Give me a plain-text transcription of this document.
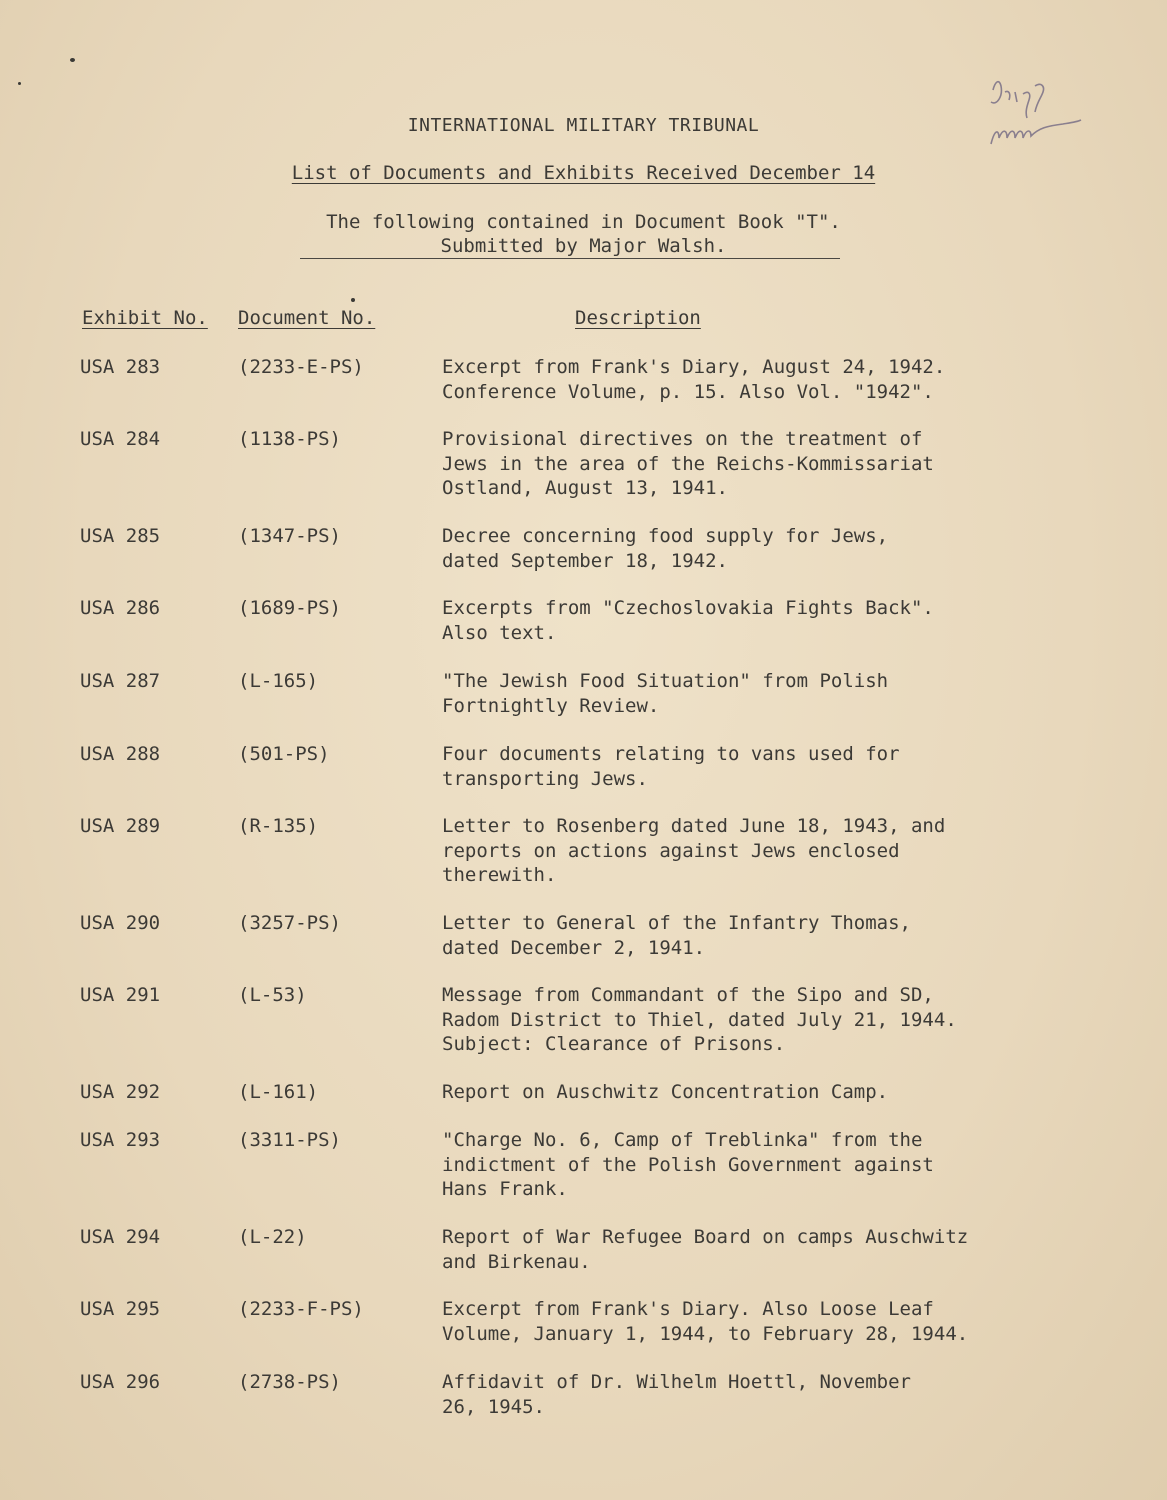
INTERNATIONAL MILITARY TRIBUNAL
List of Documents and Exhibits Received December 14
The following contained in Document Book "T".
Submitted by Major Walsh.
Exhibit No. Document No.	Description
USA 283	(2233-E-PS)	Excerpt from Frank's Diary, August 24, 1942.
Conference Volume, p. 15. Also Vol. "1942".
USA 284	(1138-PS)	Provisional directives on the treatment of
Jews in the area of the Reichs-Kommissariat
Ostland, August 13, 1941.
USA 285	(1347-PS)	Decree concerning food supply for Jews,
dated September 18, 1942.
USA 286	(1689-PS)	Excerpts from "Czechoslovakia Fights Back".
Also text.
USA 287	(L-165)	"The Jewish Food Situation" from Polish
Fortnightly Review.
USA 288	(501-PS)	Four documents relating to vans used for
transporting Jews.
USA 289	(R-135)	Letter to Rosenberg dated June 18, 1943, and
reports on actions against Jews enclosed
therewith.
USA 290	(3257-PS)	Letter to General of the Infantry Thomas,
dated December 2, 1941.
USA 291	(L-53)	Message from Commandant of the Sipo and SD,
Radom District to Thiel, dated July 21, 1944.
Subject: Clearance of Prisons.
USA 292	(L-161)	Report on Auschwitz Concentration Camp.
USA 293	(3311-PS)	"Charge No. 6, Camp of Treblinka" from the
indictment of the Polish Government against
Hans Frank.
USA 294	(L-22)	Report of War Refugee Board on camps Auschwitz
and Birkenau.
USA 295	(2233-F-PS)	Excerpt from Frank's Diary. Also Loose Leaf
Volume, January 1, 1944, to February 28, 1944.
USA 296	(2738-PS)	Affidavit of Dr. Wilhelm Hoettl, November
26, 1945.
